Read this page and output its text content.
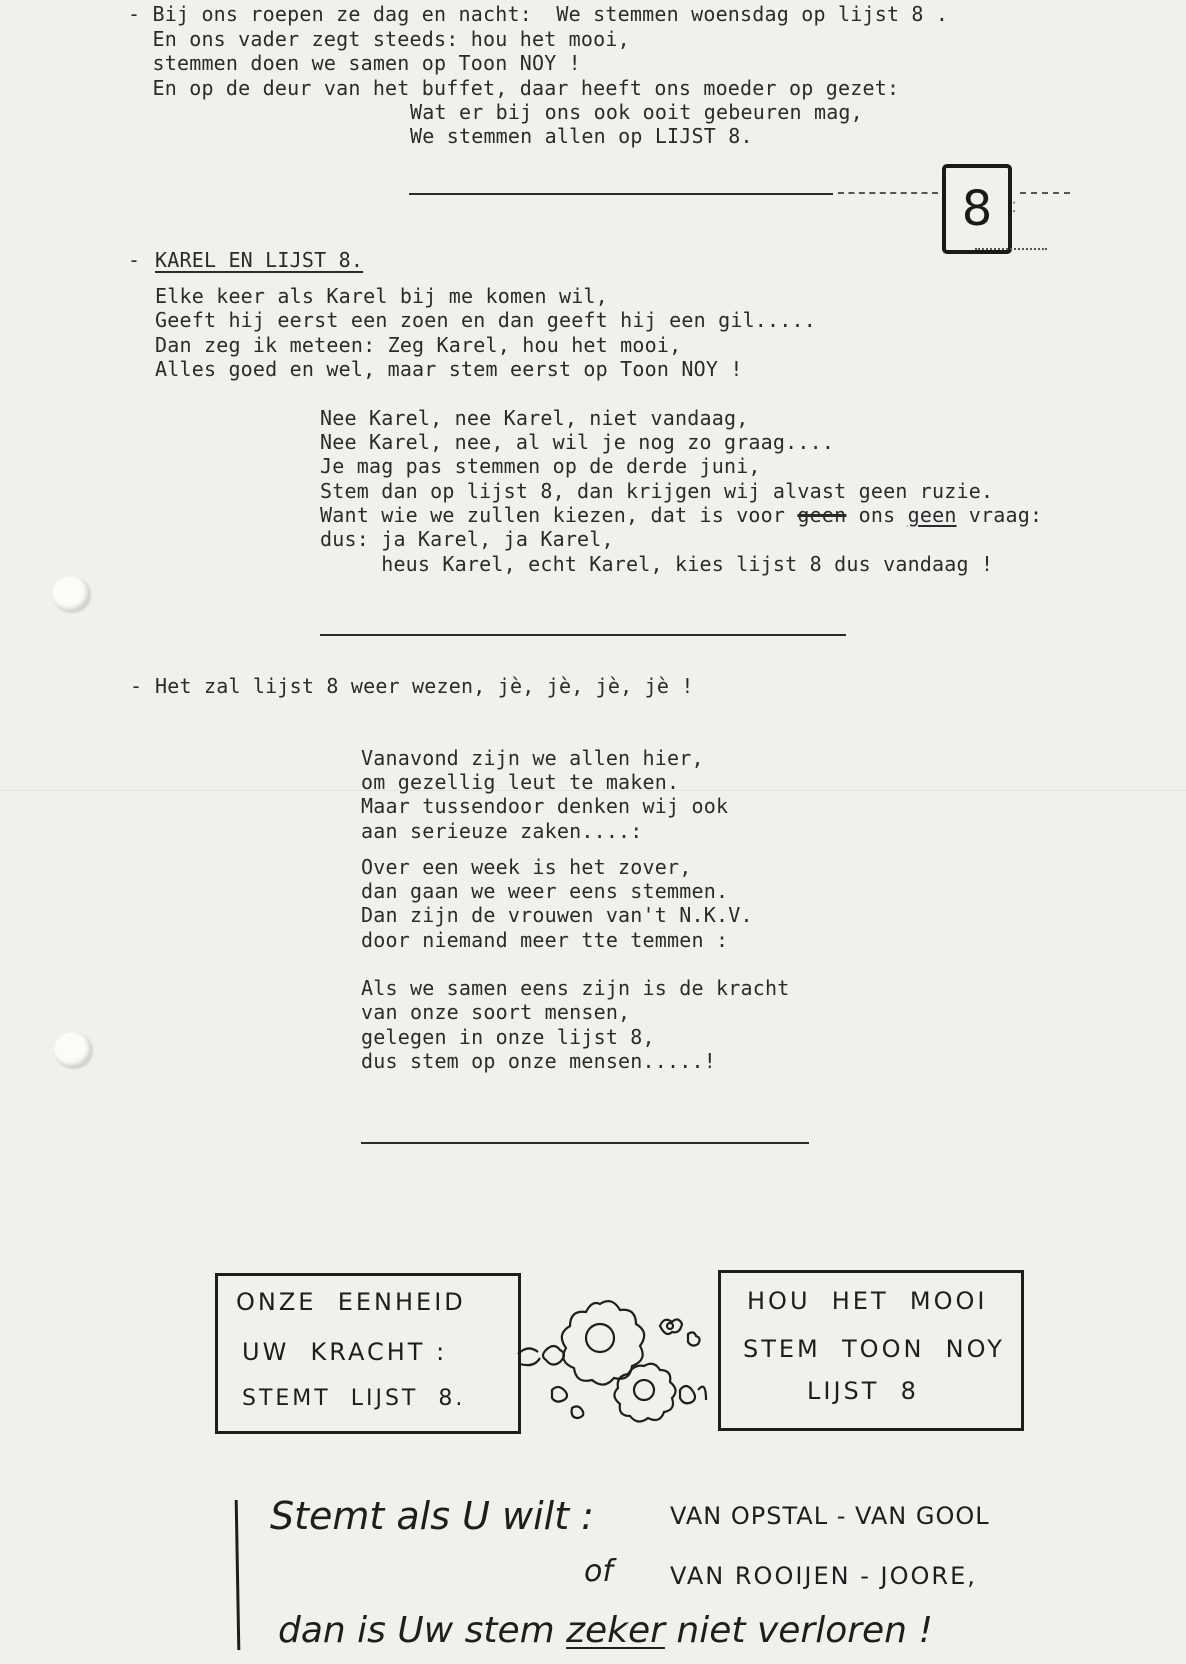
- Bij ons roepen ze dag en nacht:  We stemmen woensdag op lijst 8 .
En ons vader zegt steeds: hou het mooi,
stemmen doen we samen op Toon NOY !
En op de deur van het buffet, daar heeft ons moeder op gezet:
Wat er bij ons ook ooit gebeuren mag,
We stemmen allen op LIJST 8.
8	⁚
- KAREL EN LIJST 8.
Elke keer als Karel bij me komen wil,
Geeft hij eerst een zoen en dan geeft hij een gil.....
Dan zeg ik meteen: Zeg Karel, hou het mooi,
Alles goed en wel, maar stem eerst op Toon NOY !
Nee Karel, nee Karel, niet vandaag,
Nee Karel, nee, al wil je nog zo graag....
Je mag pas stemmen op de derde juni,
Stem dan op lijst 8, dan krijgen wij alvast geen ruzie.
Want wie we zullen kiezen, dat is voor geen ons geen vraag:
dus: ja Karel, ja Karel,
heus Karel, echt Karel, kies lijst 8 dus vandaag !
- Het zal lijst 8 weer wezen, jè, jè, jè, jè !
Vanavond zijn we allen hier,
om gezellig leut te maken.
Maar tussendoor denken wij ook
aan serieuze zaken....:
Over een week is het zover,
dan gaan we weer eens stemmen.
Dan zijn de vrouwen van't N.K.V.
door niemand meer tte temmen :
Als we samen eens zijn is de kracht
van onze soort mensen,
gelegen in onze lijst 8,
dus stem op onze mensen.....!
ONZE  EENHEID
UW  KRACHT :
STEMT  LIJST  8.
HOU  HET  MOOI
STEM  TOON  NOY
LIJST  8
Stemt als U wilt :	VAN OPSTAL - VAN GOOL
of VAN ROOIJEN - JOORE,
dan is Uw stem zeker niet verloren !
